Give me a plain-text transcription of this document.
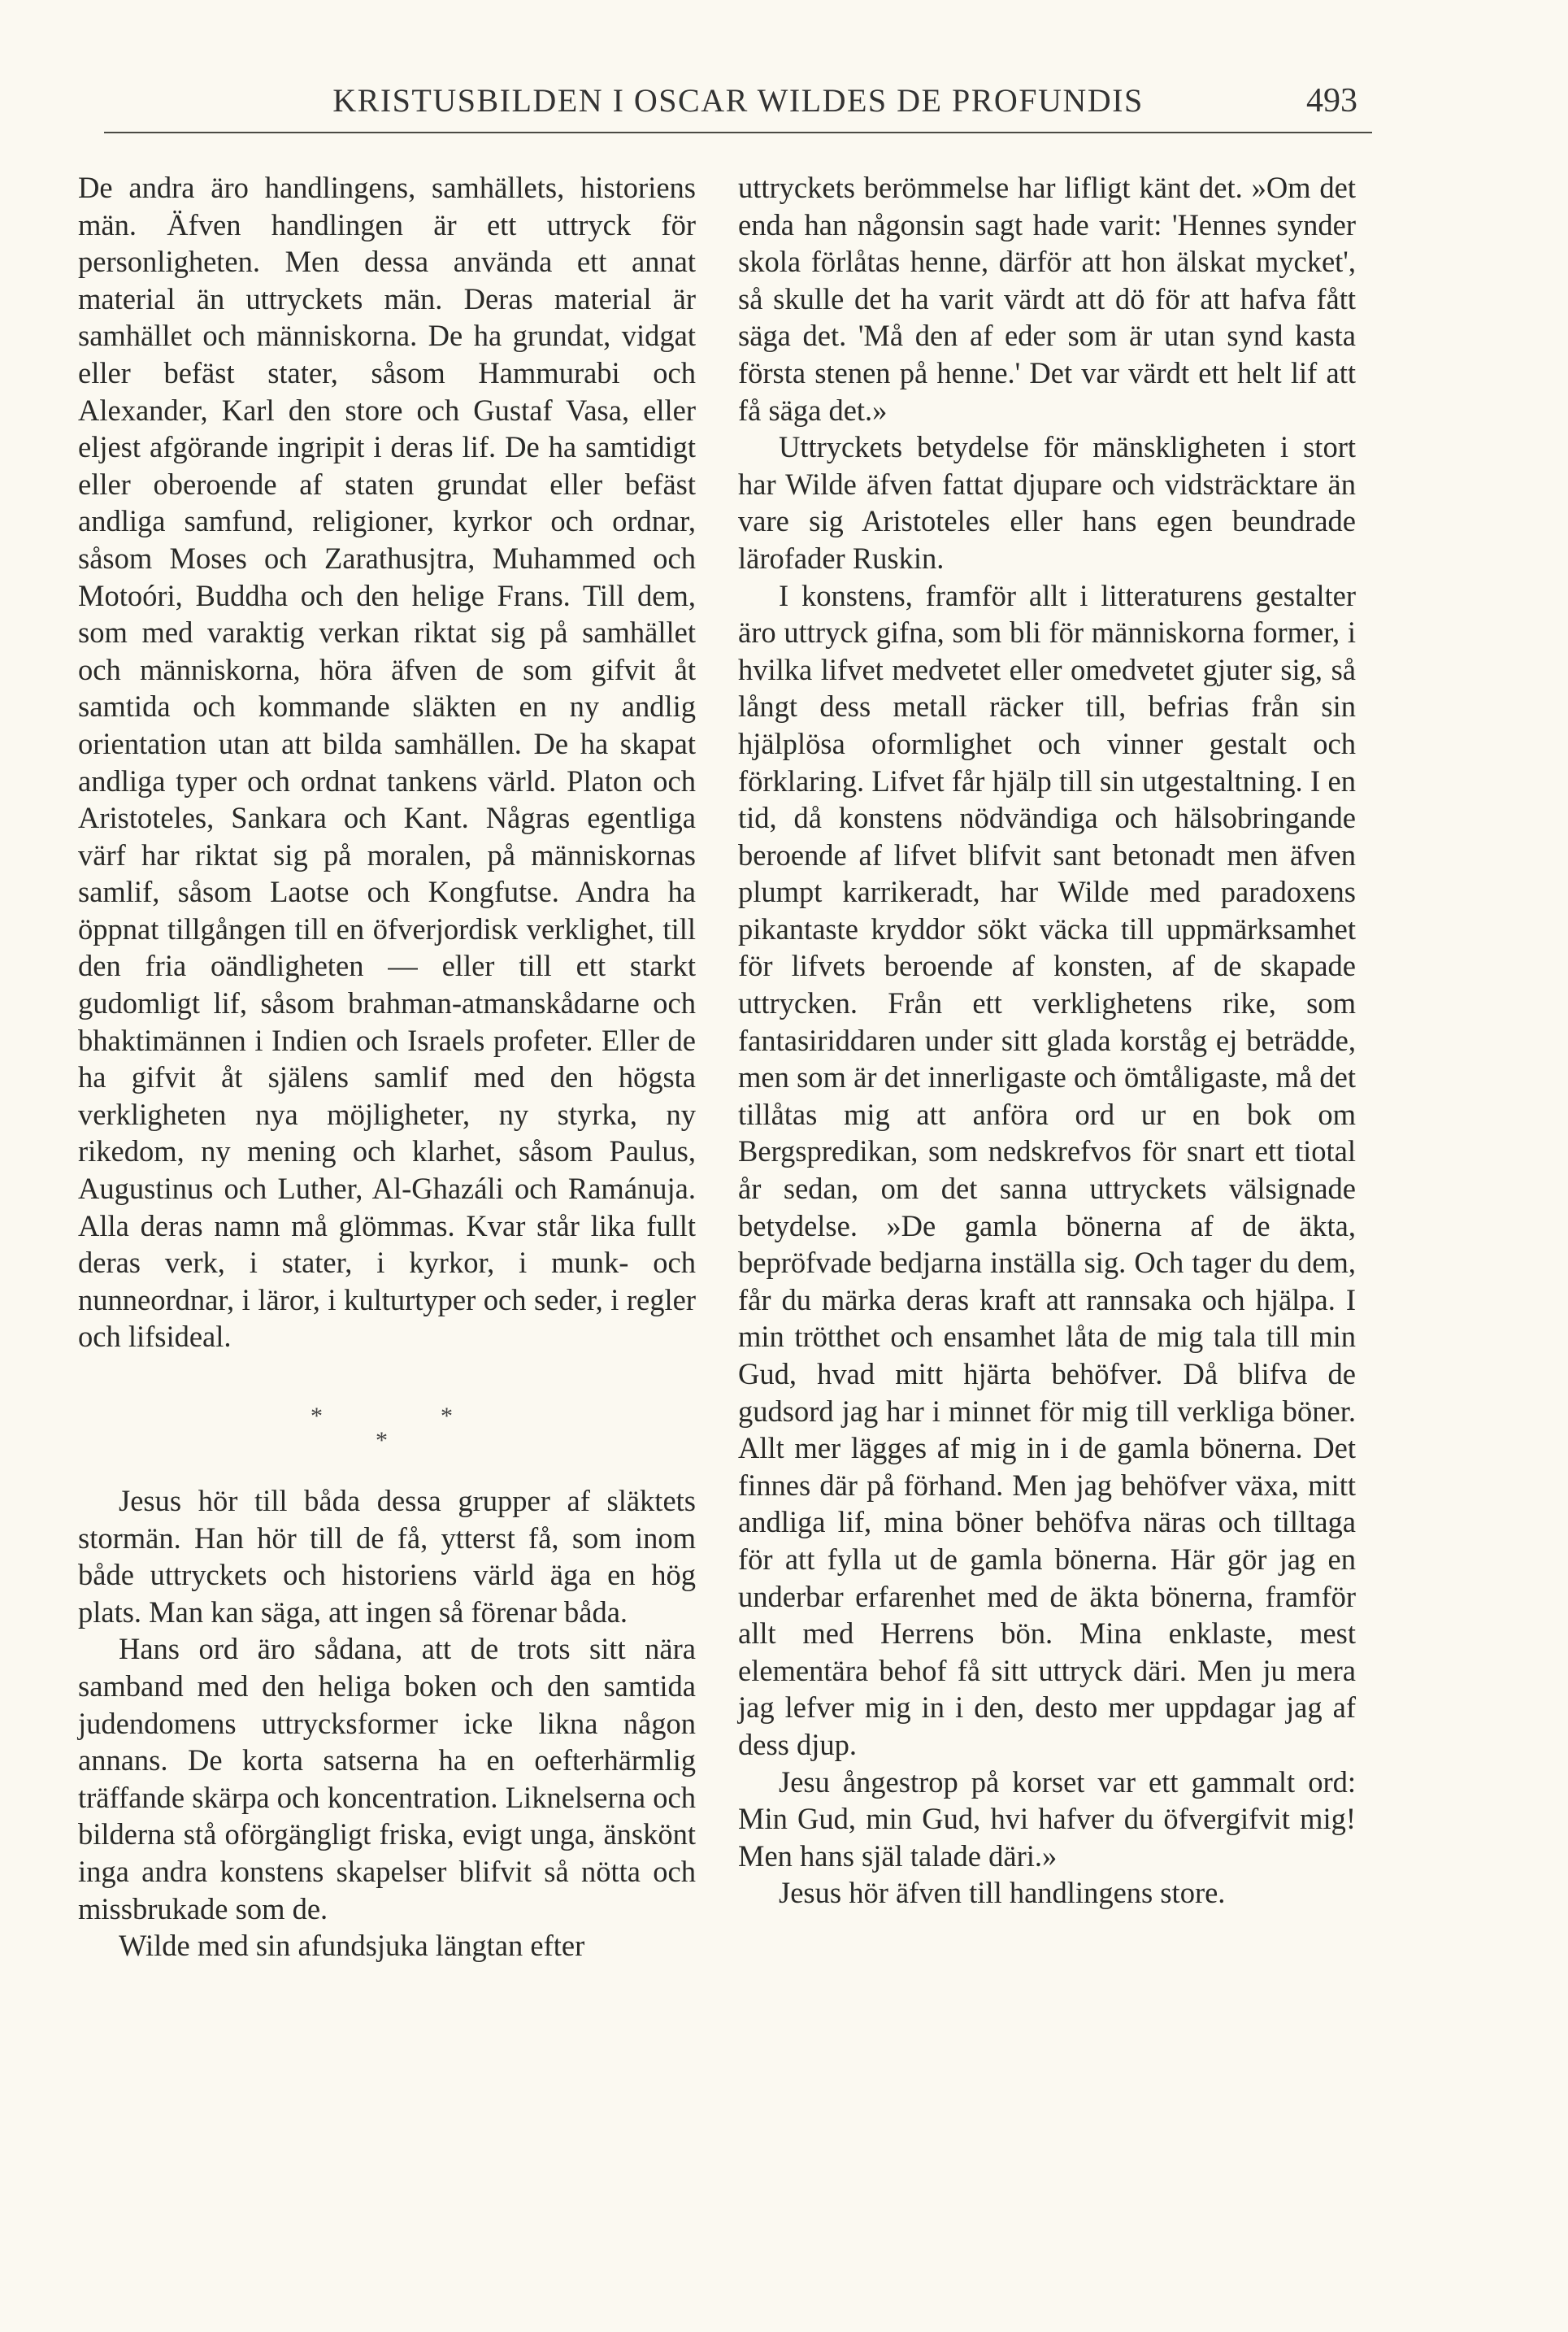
KRISTUSBILDEN I OSCAR WILDES DE PROFUNDIS	493

De andra äro handlingens, samhällets, historiens män. Äfven handlingen är ett uttryck för personligheten. Men dessa använda ett annat material än uttryckets män. Deras material är samhället och människorna. De ha grundat, vidgat eller befäst stater, såsom Hammurabi och Alexander, Karl den store och Gustaf Vasa, eller eljest afgörande ingripit i deras lif. De ha samtidigt eller oberoende af staten grundat eller befäst andliga samfund, religioner, kyrkor och ordnar, såsom Moses och Zarathusjtra, Muhammed och Motoóri, Buddha och den helige Frans. Till dem, som med varaktig verkan riktat sig på samhället och människorna, höra äfven de som gifvit åt samtida och kommande släkten en ny andlig orientation utan att bilda samhällen. De ha skapat andliga typer och ordnat tankens värld. Platon och Aristoteles, Sankara och Kant. Någras egentliga värf har riktat sig på moralen, på människornas samlif, såsom Laotse och Kongfutse. Andra ha öppnat tillgången till en öfverjordisk verklighet, till den fria oändligheten — eller till ett starkt gudomligt lif, såsom brahman-atmanskådarne och bhaktimännen i Indien och Israels profeter. Eller de ha gifvit åt själens samlif med den högsta verkligheten nya möjligheter, ny styrka, ny rikedom, ny mening och klarhet, såsom Paulus, Augustinus och Luther, Al-Ghazáli och Ramánuja. Alla deras namn må glömmas. Kvar står lika fullt deras verk, i stater, i kyrkor, i munk- och nunneordnar, i läror, i kulturtyper och seder, i regler och lifsideal.

*
*
*

Jesus hör till båda dessa grupper af släktets stormän. Han hör till de få, ytterst få, som inom både uttryckets och historiens värld äga en hög plats. Man kan säga, att ingen så förenar båda.

Hans ord äro sådana, att de trots sitt nära samband med den heliga boken och den samtida judendomens uttrycksformer icke likna någon annans. De korta satserna ha en oefterhärmlig träffande skärpa och koncentration. Liknelserna och bilderna stå oförgängligt friska, evigt unga, änskönt inga andra konstens skapelser blifvit så nötta och missbrukade som de.

Wilde med sin afundsjuka längtan efter

uttryckets berömmelse har lifligt känt det. »Om det enda han någonsin sagt hade varit: 'Hennes synder skola förlåtas henne, därför att hon älskat mycket', så skulle det ha varit värdt att dö för att hafva fått säga det. 'Må den af eder som är utan synd kasta första stenen på henne.' Det var värdt ett helt lif att få säga det.»

Uttryckets betydelse för mänskligheten i stort har Wilde äfven fattat djupare och vidsträcktare än vare sig Aristoteles eller hans egen beundrade lärofader Ruskin.

I konstens, framför allt i litteraturens gestalter äro uttryck gifna, som bli för människorna former, i hvilka lifvet medvetet eller omedvetet gjuter sig, så långt dess metall räcker till, befrias från sin hjälplösa oformlighet och vinner gestalt och förklaring. Lifvet får hjälp till sin utgestaltning. I en tid, då konstens nödvändiga och hälsobringande beroende af lifvet blifvit sant betonadt men äfven plumpt karrikeradt, har Wilde med paradoxens pikantaste kryddor sökt väcka till uppmärksamhet för lifvets beroende af konsten, af de skapade uttrycken. Från ett verklighetens rike, som fantasiriddaren under sitt glada korståg ej beträdde, men som är det innerligaste och ömtåligaste, må det tillåtas mig att anföra ord ur en bok om Bergspredikan, som nedskrefvos för snart ett tiotal år sedan, om det sanna uttryckets välsignade betydelse. »De gamla bönerna af de äkta, bepröfvade bedjarna inställa sig. Och tager du dem, får du märka deras kraft att rannsaka och hjälpa. I min trötthet och ensamhet låta de mig tala till min Gud, hvad mitt hjärta behöfver. Då blifva de gudsord jag har i minnet för mig till verkliga böner. Allt mer lägges af mig in i de gamla bönerna. Det finnes där på förhand. Men jag behöfver växa, mitt andliga lif, mina böner behöfva näras och tilltaga för att fylla ut de gamla bönerna. Här gör jag en underbar erfarenhet med de äkta bönerna, framför allt med Herrens bön. Mina enklaste, mest elementära behof få sitt uttryck däri. Men ju mera jag lefver mig in i den, desto mer uppdagar jag af dess djup.

Jesu ångestrop på korset var ett gammalt ord: Min Gud, min Gud, hvi hafver du öfvergifvit mig! Men hans själ talade däri.»

Jesus hör äfven till handlingens store.
